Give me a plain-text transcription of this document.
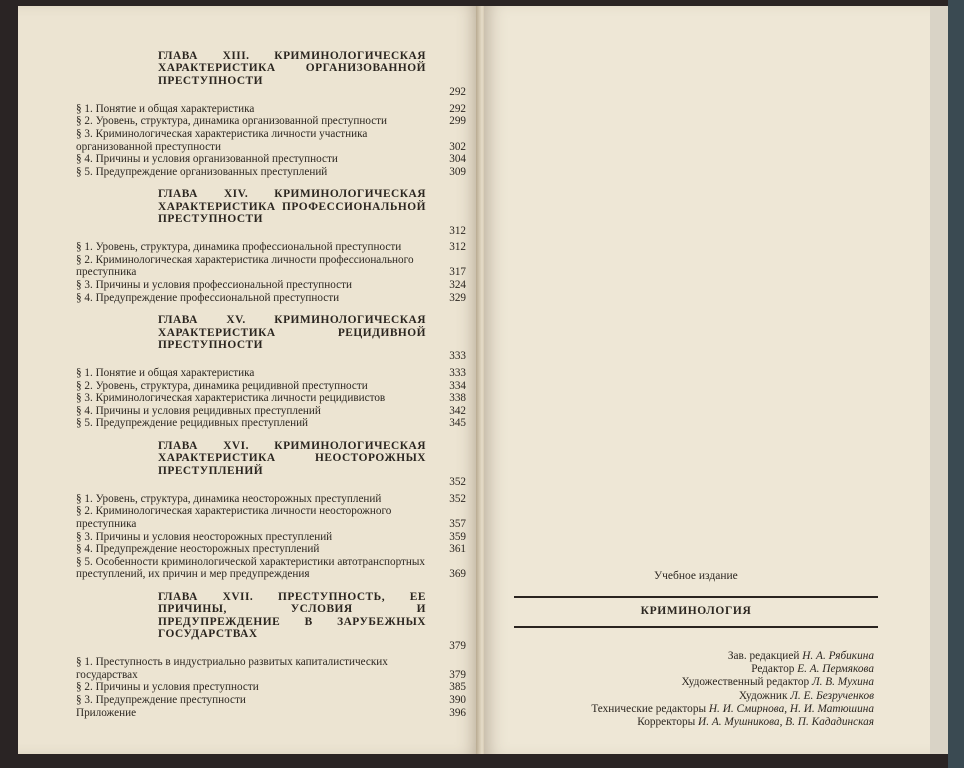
ГЛАВА XIII. КРИМИНОЛОГИЧЕСКАЯ ХАРАКТЕРИСТИКА ОРГАНИЗОВАННОЙ ПРЕСТУПНОСТИ
292
§ 1. Понятие и общая характеристика	292
§ 2. Уровень, структура, динамика организованной преступности	299
§ 3. Криминологическая характеристика личности участника организованной преступности	302
§ 4. Причины и условия организованной преступности	304
§ 5. Предупреждение организованных преступлений	309
ГЛАВА XIV. КРИМИНОЛОГИЧЕСКАЯ ХАРАКТЕРИСТИКА ПРОФЕССИОНАЛЬНОЙ ПРЕСТУПНОСТИ
312
§ 1. Уровень, структура, динамика профессиональной преступности	312
§ 2. Криминологическая характеристика личности профессионального преступника	317
§ 3. Причины и условия профессиональной преступности	324
§ 4. Предупреждение профессиональной преступности	329
ГЛАВА XV. КРИМИНОЛОГИЧЕСКАЯ ХАРАКТЕРИСТИКА РЕЦИДИВНОЙ ПРЕСТУПНОСТИ
333
§ 1. Понятие и общая характеристика	333
§ 2. Уровень, структура, динамика рецидивной преступности	334
§ 3. Криминологическая характеристика личности рецидивистов	338
§ 4. Причины и условия рецидивных преступлений	342
§ 5. Предупреждение рецидивных преступлений	345
ГЛАВА XVI. КРИМИНОЛОГИЧЕСКАЯ ХАРАКТЕРИСТИКА НЕОСТОРОЖНЫХ ПРЕСТУПЛЕНИЙ
352
§ 1. Уровень, структура, динамика неосторожных преступлений	352
§ 2. Криминологическая характеристика личности неосторожного преступника	357
§ 3. Причины и условия неосторожных преступлений	359
§ 4. Предупреждение неосторожных преступлений	361
§ 5. Особенности криминологической характеристики автотранспортных преступлений, их причин и мер предупреждения	369
ГЛАВА XVII. ПРЕСТУПНОСТЬ, ЕЕ ПРИЧИНЫ, УСЛОВИЯ И ПРЕДУПРЕЖДЕНИЕ В ЗАРУБЕЖНЫХ ГОСУДАРСТВАХ
379
§ 1. Преступность в индустриально развитых капиталистических государствах	379
§ 2. Причины и условия преступности	385
§ 3. Предупреждение преступности	390
Приложение	396
Учебное издание
КРИМИНОЛОГИЯ
Зав. редакцией Н. А. Рябикина
Редактор Е. А. Пермякова
Художественный редактор Л. В. Мухина
Художник Л. Е. Безрученков
Технические редакторы Н. И. Смирнова, Н. И. Матюшина
Корректоры И. А. Мушникова, В. П. Кададинская
